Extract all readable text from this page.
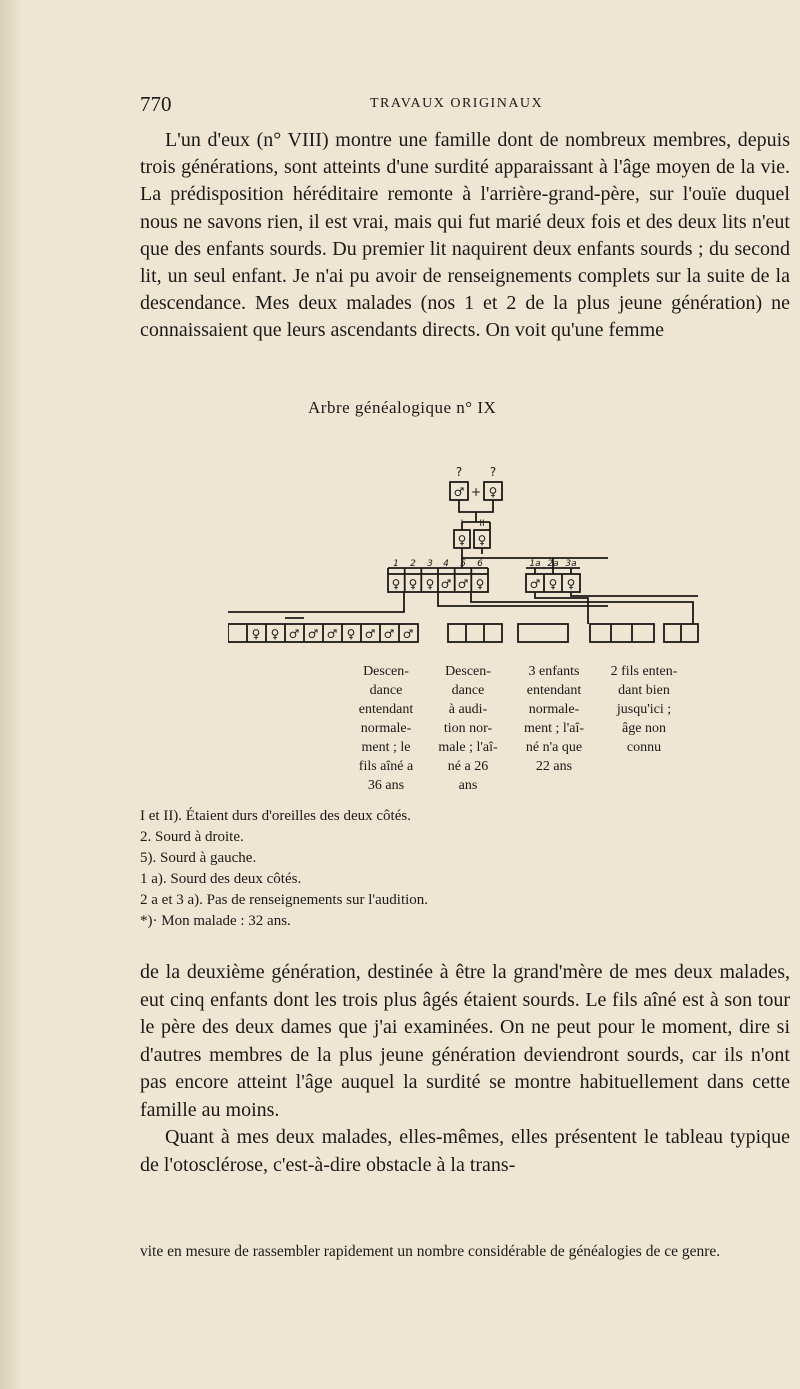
770	TRAVAUX ORIGINAUX

L'un d'eux (n° VIII) montre une famille dont de nombreux membres, depuis trois générations, sont atteints d'une surdité apparaissant à l'âge moyen de la vie. La prédisposition héréditaire remonte à l'arrière-grand-père, sur l'ouïe duquel nous ne savons rien, il est vrai, mais qui fut marié deux fois et des deux lits n'eut que des enfants sourds. Du premier lit naquirent deux enfants sourds ; du second lit, un seul enfant. Je n'ai pu avoir de renseignements complets sur la suite de la descendance. Mes deux malades (nos 1 et 2 de la plus jeune génération) ne connaissaient que leurs ascendants directs. On voit qu'une femme

Arbre généalogique n° IX
? ?
♂ + ♀
I II
♀ ♀
1 2 3 4 5 6	1a 2a 3a
♀ ♀ ♀ ♂ ♂ ♀	♂ ♀ ♀
♀ ♀ ♂ ♂ ♂ ♀ ♂ ♂ ♂
Descen-
dance
entendant
normale-
ment ; le
fils aîné a
36 ans
Descen-
dance
à audi-
tion nor-
male ; l'aî-
né a 26
ans
3 enfants
entendant
normale-
ment ; l'aî-
né n'a que
22 ans
2 fils enten-
dant bien
jusqu'ici ;
âge non
connu
I et II). Étaient durs d'oreilles des deux côtés.
2. Sourd à droite.
5). Sourd à gauche.
1 a). Sourd des deux côtés.
2 a et 3 a). Pas de renseignements sur l'audition.
*)· Mon malade : 32 ans.

de la deuxième génération, destinée à être la grand'mère de mes deux malades, eut cinq enfants dont les trois plus âgés étaient sourds. Le fils aîné est à son tour le père des deux dames que j'ai examinées. On ne peut pour le moment, dire si d'autres membres de la plus jeune génération deviendront sourds, car ils n'ont pas encore atteint l'âge auquel la surdité se montre habituellement dans cette famille au moins.

Quant à mes deux malades, elles-mêmes, elles présentent le tableau typique de l'otosclérose, c'est-à-dire obstacle à la trans-

vite en mesure de rassembler rapidement un nombre considérable de généalogies de ce genre.
